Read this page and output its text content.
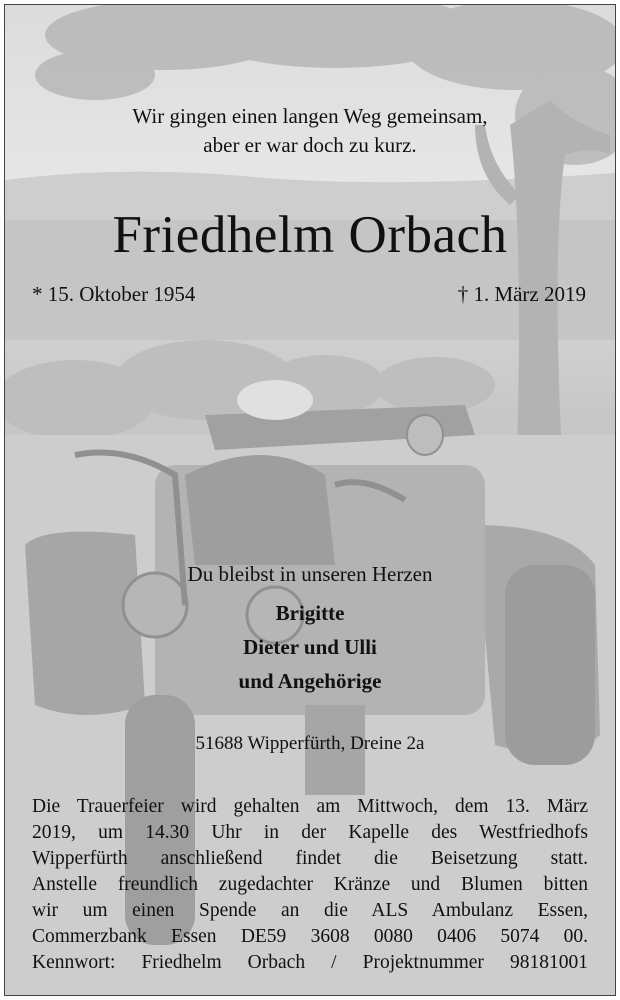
Wir gingen einen langen Weg gemeinsam,
aber er war doch zu kurz.
Friedhelm Orbach
* 15. Oktober 1954	† 1. März 2019
Du bleibst in unseren Herzen
Brigitte
Dieter und Ulli
und Angehörige
51688 Wipperfürth, Dreine 2a

Die Trauerfeier wird gehalten am Mittwoch, dem 13. März
2019, um 14.30 Uhr in der Kapelle des Westfriedhofs
Wipperfürth anschließend findet die Beisetzung statt.

Anstelle freundlich zugedachter Kränze und Blumen bitten
wir um einen Spende an die ALS Ambulanz Essen,
Commerzbank Essen DE59 3608 0080 0406 5074 00.
Kennwort: Friedhelm Orbach / Projektnummer 98181001
